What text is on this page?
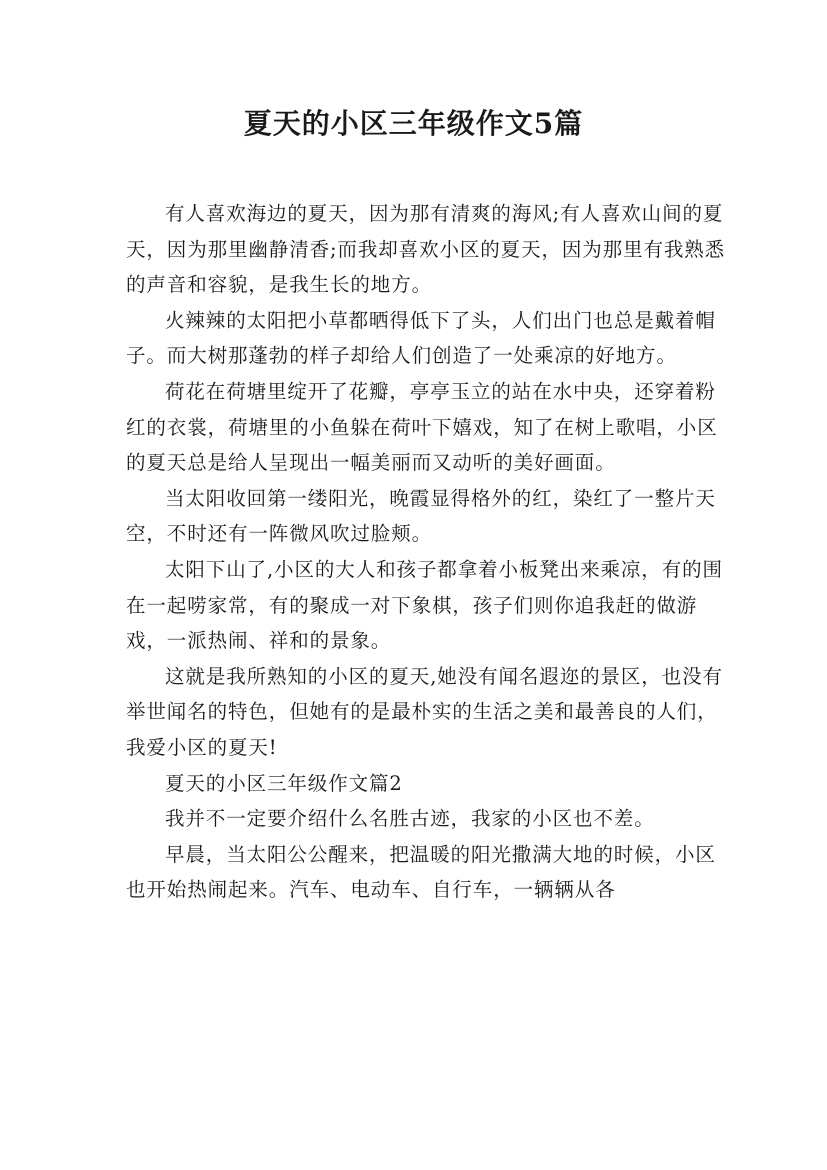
夏天的小区三年级作文5篇

有人喜欢海边的夏天，因为那有清爽的海风;有人喜欢山间的夏天，因为那里幽静清香;而我却喜欢小区的夏天，因为那里有我熟悉的声音和容貌，是我生长的地方。

火辣辣的太阳把小草都晒得低下了头，人们出门也总是戴着帽子。而大树那蓬勃的样子却给人们创造了一处乘凉的好地方。

荷花在荷塘里绽开了花瓣，亭亭玉立的站在水中央，还穿着粉红的衣裳，荷塘里的小鱼躲在荷叶下嬉戏，知了在树上歌唱，小区的夏天总是给人呈现出一幅美丽而又动听的美好画面。

当太阳收回第一缕阳光，晚霞显得格外的红，染红了一整片天空，不时还有一阵微风吹过脸颊。

太阳下山了,小区的大人和孩子都拿着小板凳出来乘凉，有的围在一起唠家常，有的聚成一对下象棋，孩子们则你追我赶的做游戏，一派热闹、祥和的景象。

这就是我所熟知的小区的夏天,她没有闻名遐迩的景区，也没有举世闻名的特色，但她有的是最朴实的生活之美和最善良的人们，我爱小区的夏天!

夏天的小区三年级作文篇2

我并不一定要介绍什么名胜古迹，我家的小区也不差。

早晨，当太阳公公醒来，把温暖的阳光撒满大地的时候，小区也开始热闹起来。汽车、电动车、自行车，一辆辆从各
